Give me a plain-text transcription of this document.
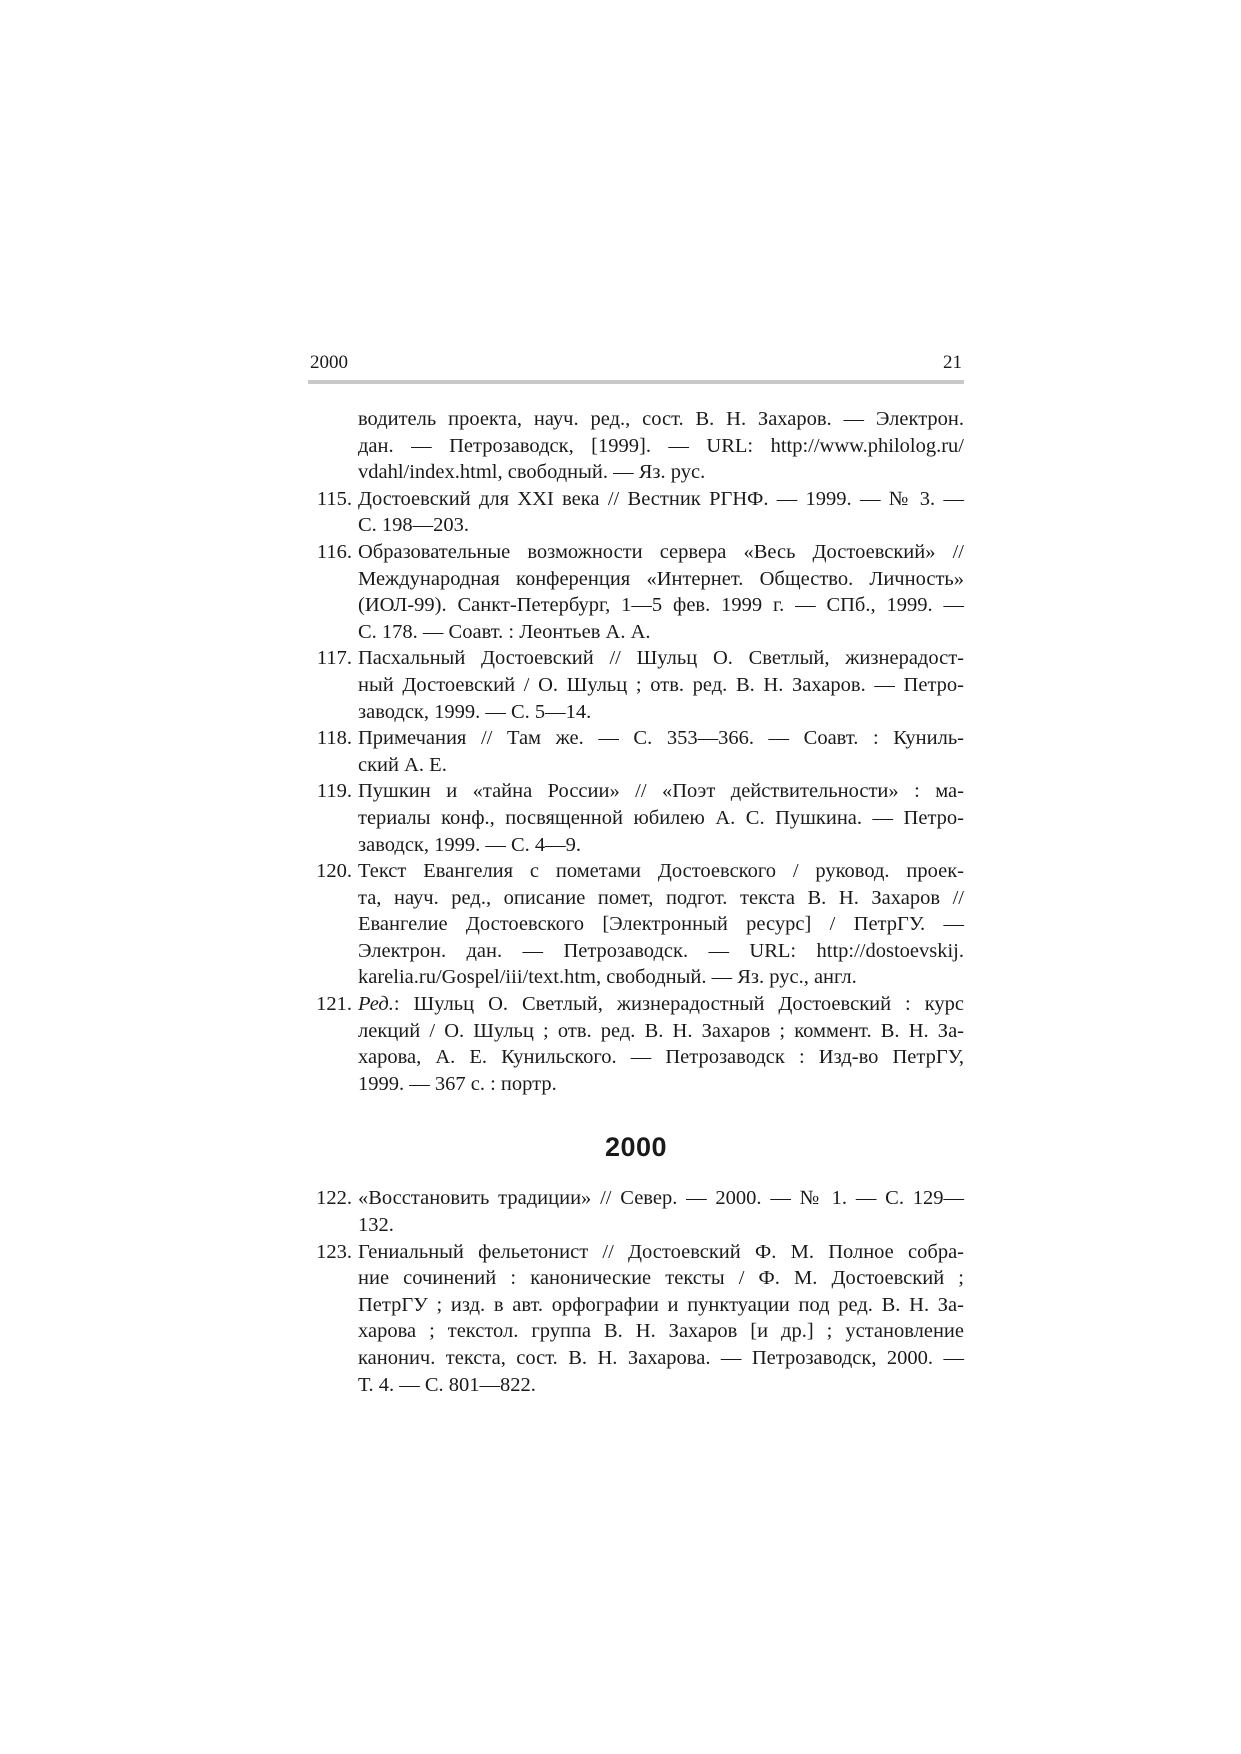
2000	21
водитель проекта, науч. ред., сост. В. Н. Захаров. — Электрон.
дан. — Петрозаводск, [1999]. — URL: http://www.philolog.ru/
vdahl/index.html, свободный. — Яз. рус.
115. Достоевский для XXI века // Вестник РГНФ. — 1999. — № 3. —
С. 198—203.
116. Образовательные возможности сервера «Весь Достоевский» //
Международная конференция «Интернет. Общество. Личность»
(ИОЛ-99). Санкт-Петербург, 1—5 фев. 1999 г. — СПб., 1999. —
С. 178. — Соавт. : Леонтьев А. А.
117. Пасхальный Достоевский // Шульц О. Светлый, жизнерадост-
ный Достоевский / О. Шульц ; отв. ред. В. Н. Захаров. — Петро-
заводск, 1999. — С. 5—14.
118. Примечания // Там же. — С. 353—366. — Соавт. : Куниль-
ский А. Е.
119. Пушкин и «тайна России» // «Поэт действительности» : ма-
териалы конф., посвященной юбилею А. С. Пушкина. — Петро-
заводск, 1999. — С. 4—9.
120. Текст Евангелия с пометами Достоевского / руковод. проек-
та, науч. ред., описание помет, подгот. текста В. Н. Захаров //
Евангелие Достоевского [Электронный ресурс] / ПетрГУ. —
Электрон. дан. — Петрозаводск. — URL: http://dostoevskij.
karelia.ru/Gospel/iii/text.htm, свободный. — Яз. рус., англ.
121. Ред.: Шульц О. Светлый, жизнерадостный Достоевский : курс
лекций / О. Шульц ; отв. ред. В. Н. Захаров ; коммент. В. Н. За-
харова, А. Е. Кунильского. — Петрозаводск : Изд-во ПетрГУ,
1999. — 367 с. : портр.
2000
122. «Восстановить традиции» // Север. — 2000. — № 1. — С. 129—
132.
123. Гениальный фельетонист // Достоевский Ф. М. Полное собра-
ние сочинений : канонические тексты / Ф. М. Достоевский ;
ПетрГУ ; изд. в авт. орфографии и пунктуации под ред. В. Н. За-
харова ; текстол. группа В. Н. Захаров [и др.] ; установление
канонич. текста, сост. В. Н. Захарова. — Петрозаводск, 2000. —
Т. 4. — С. 801—822.
